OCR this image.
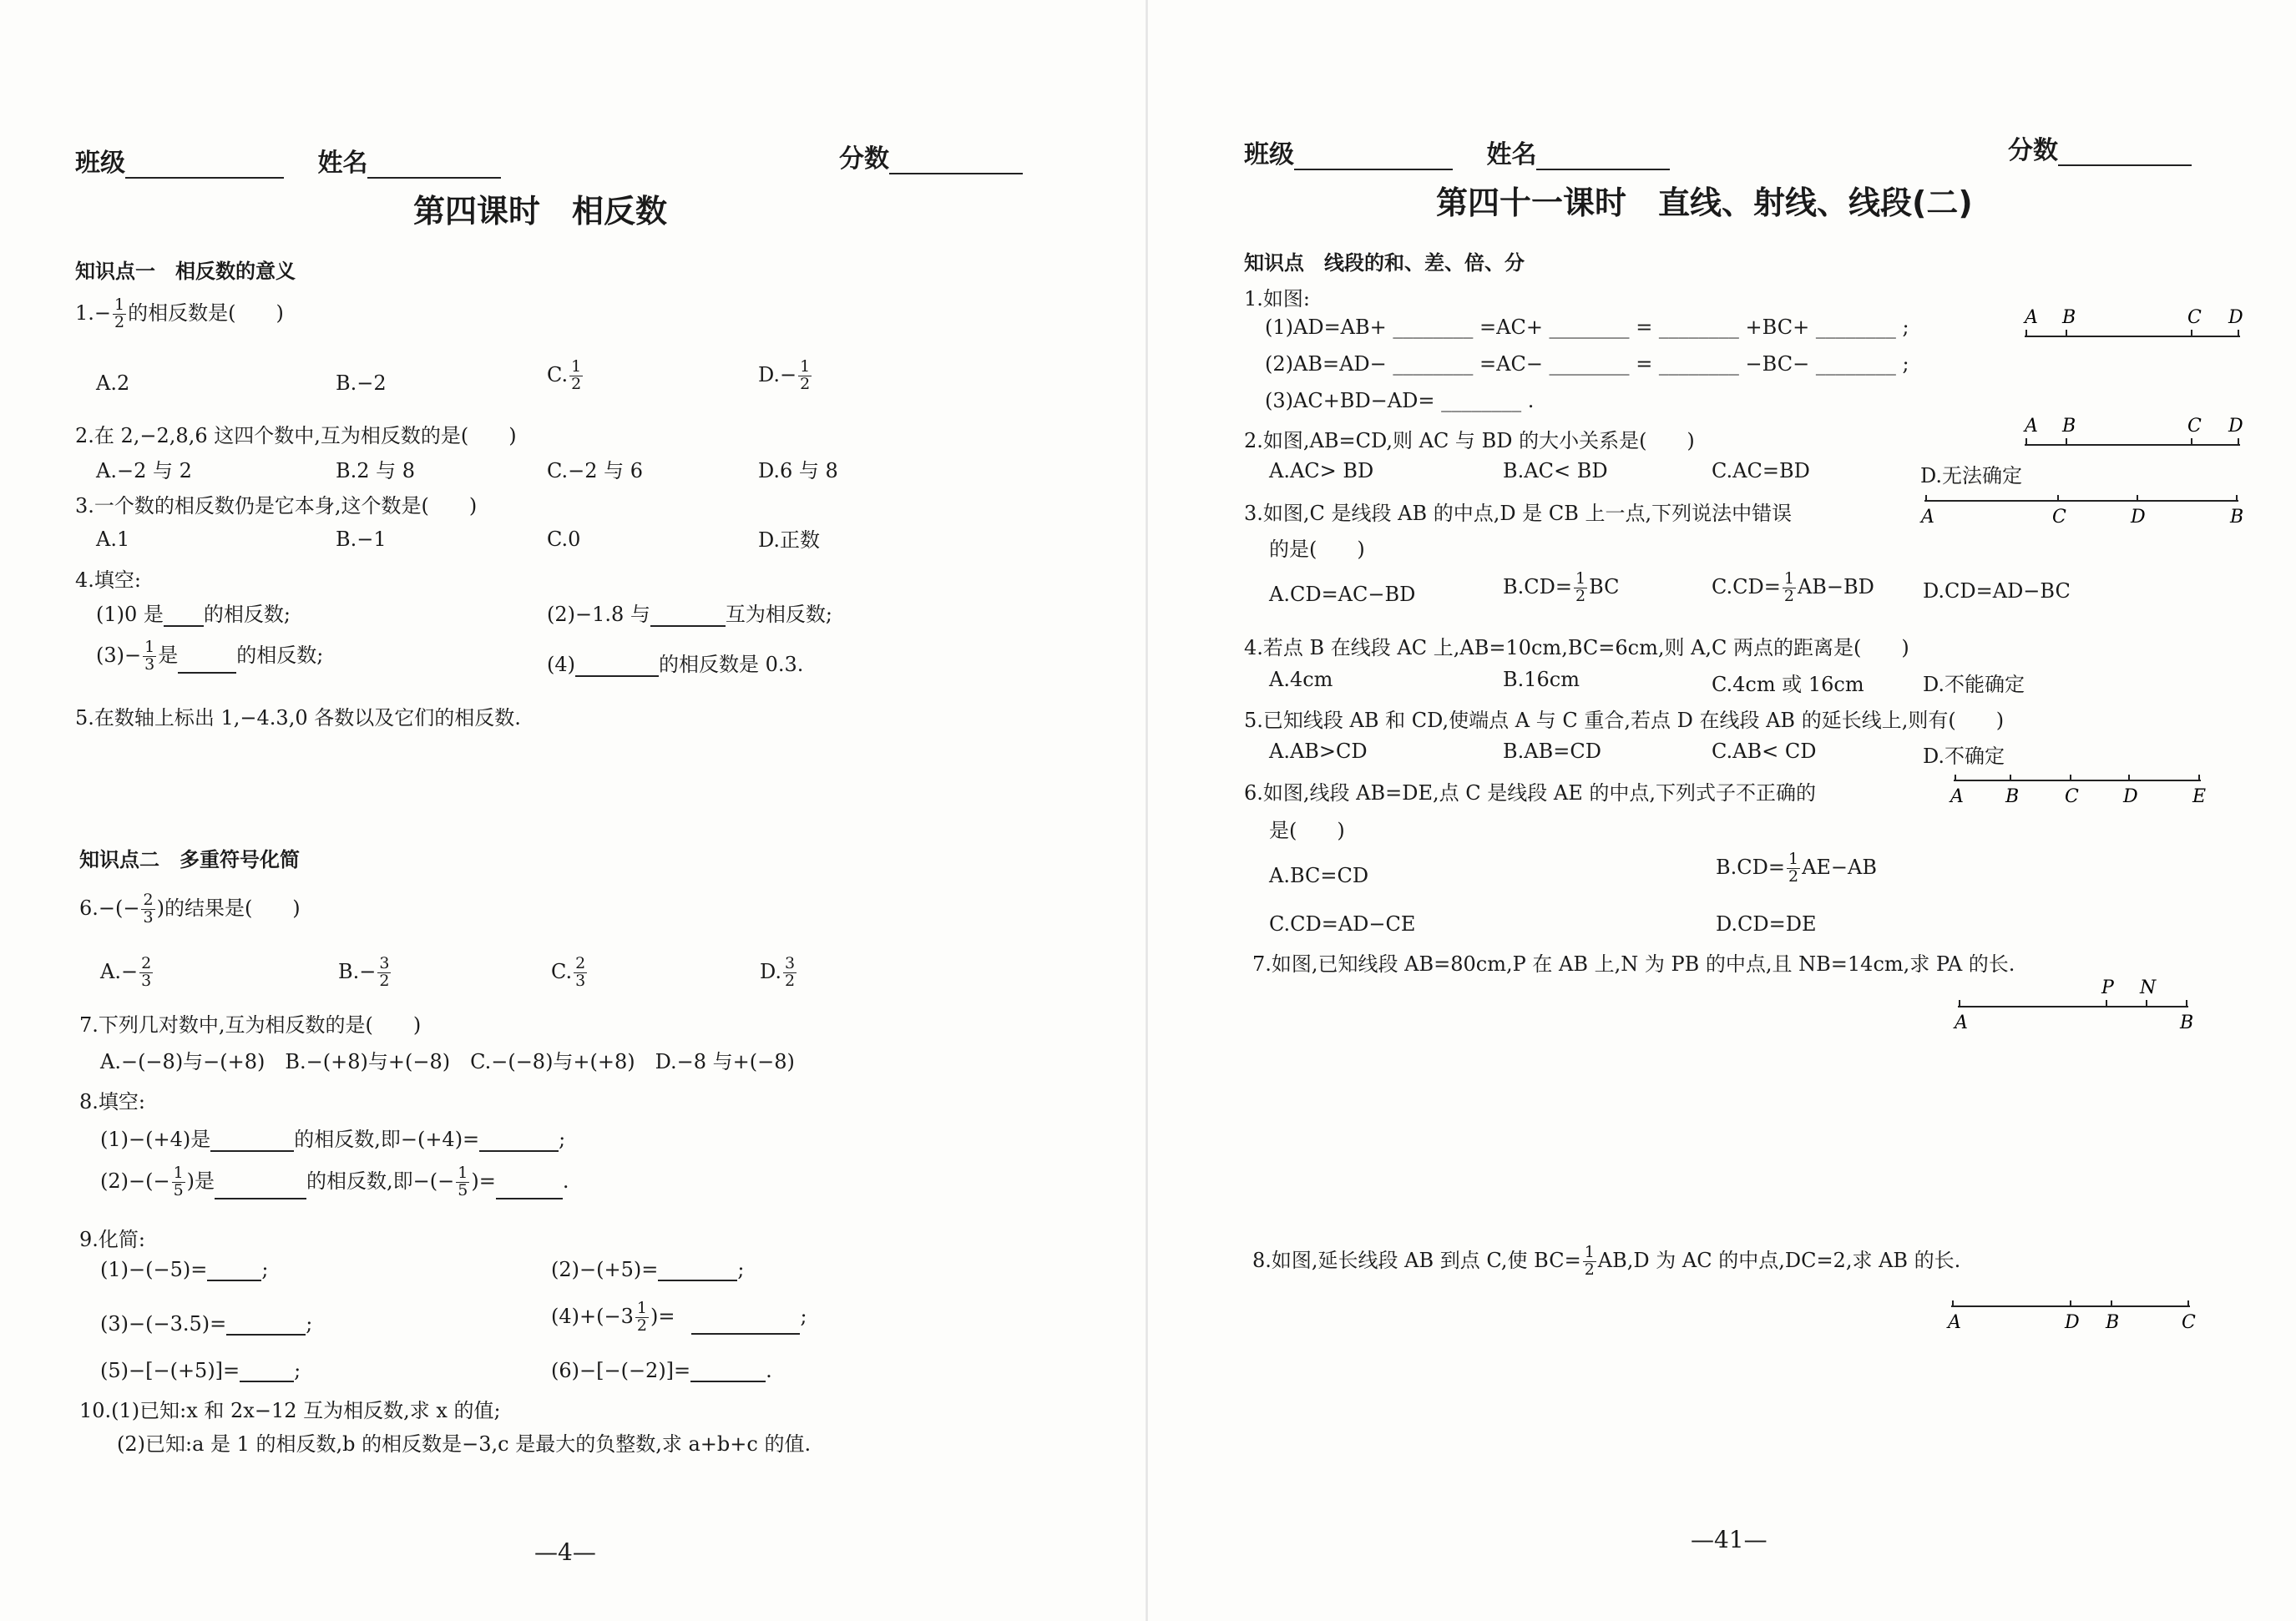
班级	姓名	分数
第四课时　相反数
知识点一　相反数的意义
$1.- \frac{1}{2}$ 的相反数是(　　)
A.2	B.−2	C. $\frac{1}{2}$	$D.- \frac{1}{2}$
2.在 2,−2,8,6 这四个数中,互为相反数的是(　　)
A.−2 与 2	B.2 与 8	C.−2 与 6	D.6 与 8
3.一个数的相反数仍是它本身,这个数是(　　)
A.1	B.−1	C.0	D.正数
4.填空:
(1)0 是 的相反数;	(2)−1.8 与	互为相反数;
$(3)- \frac{1}{3}$ 是	的相反数;	(4)	的相反数是 0.3.
5.在数轴上标出 1,−4.3,0 各数以及它们的相反数.
知识点二　多重符号化简
$6.-(- \frac{2}{3}$ )的结果是(　　)
$A.- \frac{2}{3}$	$B.- \frac{3}{2}$	C. $\frac{2}{3}$	D. $\frac{3}{2}$
7.下列几对数中,互为相反数的是(　　)
A.−(−8)与−(+8)　B.−(+8)与+(−8)　C.−(−8)与+(+8)　D.−8 与+(−8)
8.填空:
(1)−(+4)是	的相反数,即−(+4)=	;
$(2)-(- \frac{1}{5}$ )是	的相反数,即−(− $\frac{1}{5}$ )=	.
9.化简:
(1)−(−5)=	;	(2)−(+5)=	;
(3)−(−3.5)=	;	$(4)+(-3 \frac{1}{2}$ )=	;
(5)−[−(+5)]=	;	(6)−[−(−2)]=	.
10.(1)已知:x 和 2x−12 互为相反数,求 x 的值;
(2)已知:a 是 1 的相反数,b 的相反数是−3,c 是最大的负整数,求 a+b+c 的值.
—4—
班级	姓名	分数
第四十一课时　直线、射线、线段(二)
知识点　线段的和、差、倍、分
1.如图:
(1)AD=AB+ ________ =AC+ ________ = ________ +BC+ ________ ;
(2)AB=AD− ________ =AC− ________ = ________ −BC− ________ ;
(3)AC+BD−AD= ________ .
A B	C D
2.如图,AB=CD,则 AC 与 BD 的大小关系是(　　)
A B	C D
A.AC> BD	B.AC< BD	C.AC=BD	D.无法确定
3.如图,C 是线段 AB 的中点,D 是 CB 上一点,下列说法中错误
的是(　　)
A	C	D	B
A.CD=AC−BD	$B.CD= \frac{1}{2}$ BC	$C.CD= \frac{1}{2} AB-BD$ D.CD=AD−BC
4.若点 B 在线段 AC 上,AB=10cm,BC=6cm,则 A,C 两点的距离是(　　)
A.4cm	B.16cm	C.4cm 或 16cm	D.不能确定
5.已知线段 AB 和 CD,使端点 A 与 C 重合,若点 D 在线段 AB 的延长线上,则有(　　)
A.AB>CD	B.AB=CD	C.AB< CD	D.不确定
6.如图,线段 AB=DE,点 C 是线段 AE 的中点,下列式子不正确的
是(　　)
A B C D	E
A.BC=CD	$B.CD= \frac{1}{2} AE-AB$
C.CD=AD−CE	D.CD=DE
7.如图,已知线段 AB=80cm,P 在 AB 上,N 为 PB 的中点,且 NB=14cm,求 PA 的长.
P N
A	B
8.如图,延长线段 AB 到点 C,使 $BC= \frac{1}{2} AB,D$ 为 AC 的中点,DC=2,求 AB 的长.
A	D B	C
—41—
